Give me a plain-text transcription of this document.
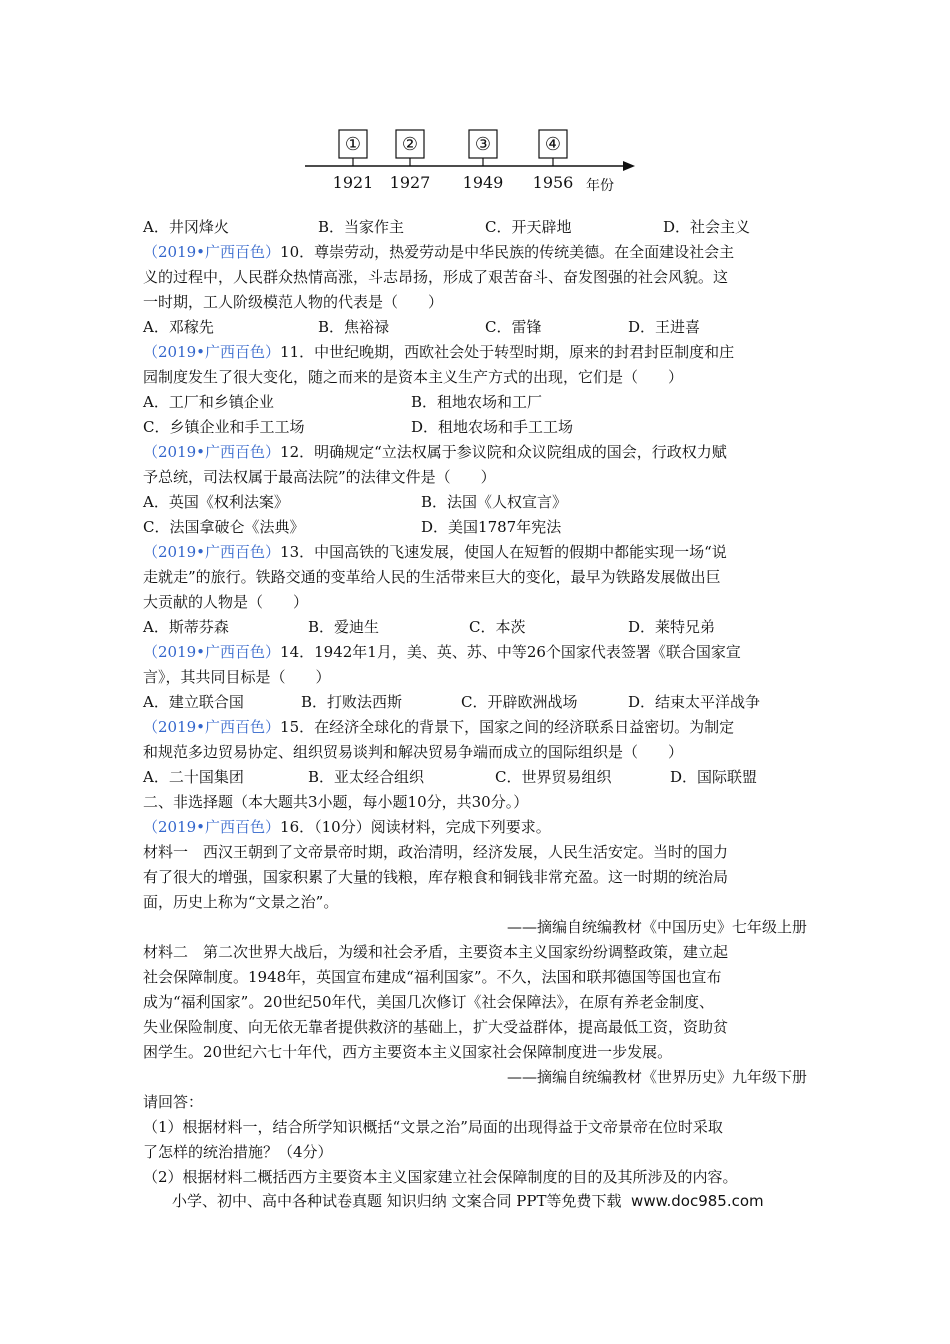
①
1921
②
1927
③
1949
④
1956 年份
A．井冈烽火	B．当家作主	C．开天辟地	D．社会主义
（2019•广西百色）10．尊崇劳动，热爱劳动是中华民族的传统美德。在全面建设社会主
义的过程中，人民群众热情高涨，斗志昂扬，形成了艰苦奋斗、奋发图强的社会风貌。这
一时期，工人阶级模范人物的代表是（　　）
A．邓稼先	B．焦裕禄	C．雷锋	D．王进喜
（2019•广西百色）11．中世纪晚期，西欧社会处于转型时期，原来的封君封臣制度和庄
园制度发生了很大变化，随之而来的是资本主义生产方式的出现，它们是（　　）
A．工厂和乡镇企业	B．租地农场和工厂
C．乡镇企业和手工工场	D．租地农场和手工工场
（2019•广西百色）12．明确规定“立法权属于参议院和众议院组成的国会，行政权力赋
予总统，司法权属于最高法院”的法律文件是（　　）
A．英国《权利法案》	B．法国《人权宣言》
C．法国拿破仑《法典》	D．美国1787年宪法
（2019•广西百色）13．中国高铁的飞速发展，使国人在短暂的假期中都能实现一场“说
走就走”的旅行。铁路交通的变革给人民的生活带来巨大的变化，最早为铁路发展做出巨
大贡献的人物是（　　）
A．斯蒂芬森	B．爱迪生	C．本茨	D．莱特兄弟
（2019•广西百色）14．1942年1月，美、英、苏、中等26个国家代表签署《联合国家宣
言》，其共同目标是（　　）
A．建立联合国	B．打败法西斯	C．开辟欧洲战场	D．结束太平洋战争
（2019•广西百色）15．在经济全球化的背景下，国家之间的经济联系日益密切。为制定
和规范多边贸易协定、组织贸易谈判和解决贸易争端而成立的国际组织是（　　）
A．二十国集团	B．亚太经合组织	C．世界贸易组织	D．国际联盟
二、非选择题（本大题共3小题，每小题10分，共30分。）
（2019•广西百色）16．（10分）阅读材料，完成下列要求。
材料一　西汉王朝到了文帝景帝时期，政治清明，经济发展，人民生活安定。当时的国力
有了很大的增强，国家积累了大量的钱粮，库存粮食和铜钱非常充盈。这一时期的统治局
面，历史上称为“文景之治”。
——摘编自统编教材《中国历史》七年级上册
材料二　第二次世界大战后，为缓和社会矛盾，主要资本主义国家纷纷调整政策，建立起
社会保障制度。1948年，英国宣布建成“福利国家”。不久，法国和联邦德国等国也宣布
成为“福利国家”。20世纪50年代，美国几次修订《社会保障法》，在原有养老金制度、
失业保险制度、向无依无靠者提供救济的基础上，扩大受益群体，提高最低工资，资助贫
困学生。20世纪六七十年代，西方主要资本主义国家社会保障制度进一步发展。
——摘编自统编教材《世界历史》九年级下册
请回答：
（1）根据材料一，结合所学知识概括“文景之治”局面的出现得益于文帝景帝在位时采取
了怎样的统治措施？（4分）
（2）根据材料二概括西方主要资本主义国家建立社会保障制度的目的及其所涉及的内容。
小学、初中、高中各种试卷真题 知识归纳 文案合同 PPT等免费下载 www.doc985.com
